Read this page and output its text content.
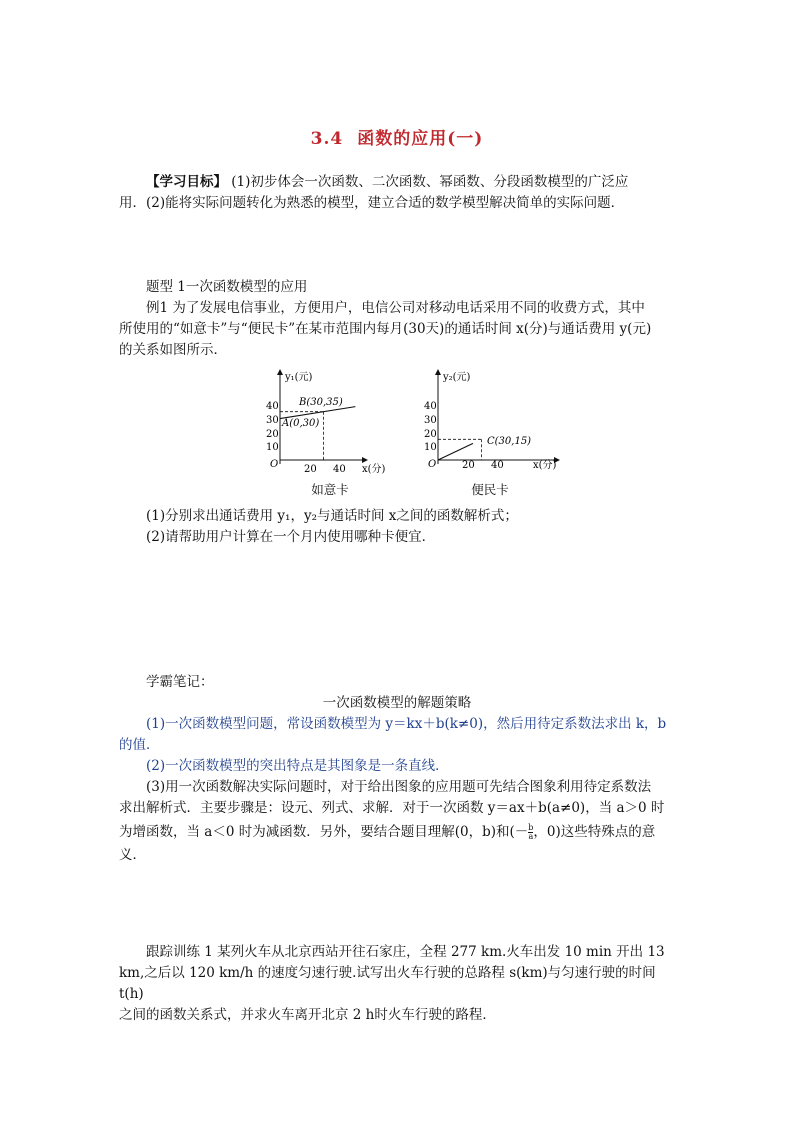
3.4 函数的应用(一)

【学习目标】 (1)初步体会一次函数、二次函数、幂函数、分段函数模型的广泛应

用．(2)能将实际问题转化为熟悉的模型，建立合适的数学模型解决简单的实际问题．

题型 1一次函数模型的应用

例1 为了发展电信事业，方便用户，电信公司对移动电话采用不同的收费方式，其中

所使用的“如意卡”与“便民卡”在某市范围内每月(30天)的通话时间 x(分)与通话费用 y(元)

的关系如图所示．

y₁(元)
x(分)
O
40
30
20
10
20 40
B(30,35)
A(0,30)
如意卡
y₂(元)
x(分)
O
40
30
20
10
20 40
C(30,15)
便民卡

(1)分别求出通话费用 y₁，y₂与通话时间 x之间的函数解析式；

(2)请帮助用户计算在一个月内使用哪种卡便宜．

学霸笔记：

一次函数模型的解题策略

(1)一次函数模型问题，常设函数模型为 y＝kx＋b(k≠0)，然后用待定系数法求出 k，b

的值．

(2)一次函数模型的突出特点是其图象是一条直线．

(3)用一次函数解决实际问题时，对于给出图象的应用题可先结合图象利用待定系数法

求出解析式．主要步骤是：设元、列式、求解．对于一次函数 y＝ax＋b(a≠0)，当 a＞0 时

为增函数，当 a＜0 时为减函数．另外，要结合题目理解(0，b)和(－ $\frac{b}{a}$ ，0)这些特殊点的意

义．

跟踪训练 1 某列火车从北京西站开往石家庄，全程 277 km.火车出发 10 min 开出 13

km,之后以 120 km/h 的速度匀速行驶.试写出火车行驶的总路程 s(km)与匀速行驶的时间 t(h)

之间的函数关系式，并求火车离开北京 2 h时火车行驶的路程．
